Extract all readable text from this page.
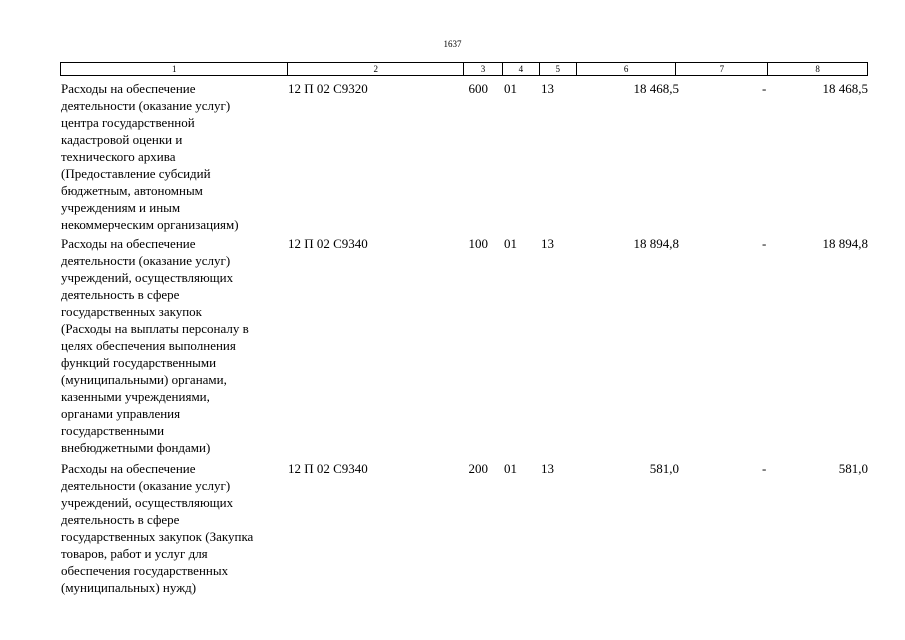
1637
1	2	3	4	5	6	7	8
Расходы на обеспечение
деятельности (оказание услуг)
центра государственной
кадастровой оценки и
технического архива
(Предоставление субсидий
бюджетным, автономным
учреждениям и иным
некоммерческим организациям)
12 П 02 С9320	600 01 13	18 468,5	-	18 468,5
Расходы на обеспечение
деятельности (оказание услуг)
учреждений, осуществляющих
деятельность в сфере
государственных закупок
(Расходы на выплаты персоналу в
целях обеспечения выполнения
функций государственными
(муниципальными) органами,
казенными учреждениями,
органами управления
государственными
внебюджетными фондами)
12 П 02 С9340	100 01 13	18 894,8	-	18 894,8
Расходы на обеспечение
деятельности (оказание услуг)
учреждений, осуществляющих
деятельность в сфере
государственных закупок (Закупка
товаров, работ и услуг для
обеспечения государственных
(муниципальных) нужд)
12 П 02 С9340	200 01 13	581,0	-	581,0
